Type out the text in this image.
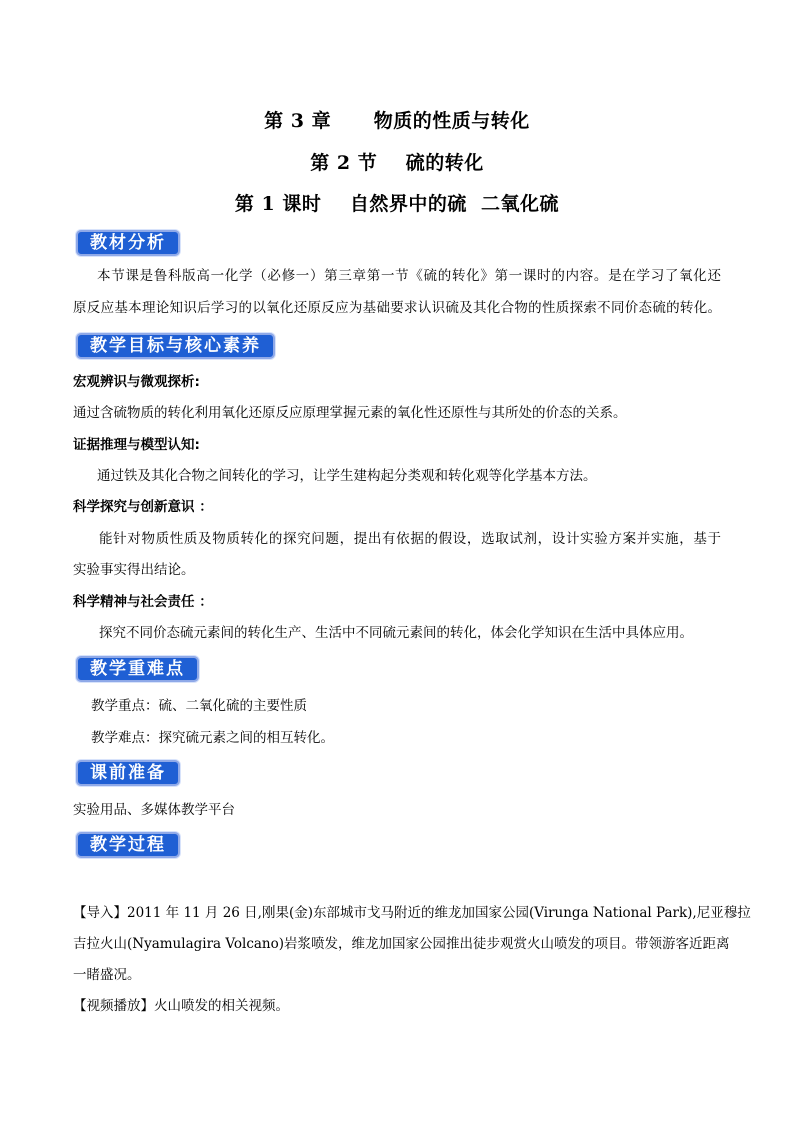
第 3 章      物质的性质与转化
第 2 节    硫的转化
第 1 课时    自然界中的硫  二氧化硫
教材分析
本节课是鲁科版高一化学（必修一）第三章第一节《硫的转化》第一课时的内容。是在学习了氧化还
原反应基本理论知识后学习的以氧化还原反应为基础要求认识硫及其化合物的性质探索不同价态硫的转化。
教学目标与核心素养
宏观辨识与微观探析:
通过含硫物质的转化利用氧化还原反应原理掌握元素的氧化性还原性与其所处的价态的关系。
证据推理与模型认知:
通过铁及其化合物之间转化的学习，让学生建构起分类观和转化观等化学基本方法。
科学探究与创新意识 ：
能针对物质性质及物质转化的探究问题，提出有依据的假设，选取试剂，设计实验方案并实施，基于
实验事实得出结论。
科学精神与社会责任 ：
探究不同价态硫元素间的转化生产、生活中不同硫元素间的转化，体会化学知识在生活中具体应用。
教学重难点
教学重点：硫、二氧化硫的主要性质
教学难点：探究硫元素之间的相互转化。
课前准备
实验用品、多媒体教学平台
教学过程
【导入】2011 年 11 月 26 日,刚果(金)东部城市戈马附近的维龙加国家公园(Virunga National Park),尼亚穆拉
吉拉火山(Nyamulagira Volcano)岩浆喷发，维龙加国家公园推出徒步观赏火山喷发的项目。带领游客近距离
一睹盛况。
【视频播放】火山喷发的相关视频。
